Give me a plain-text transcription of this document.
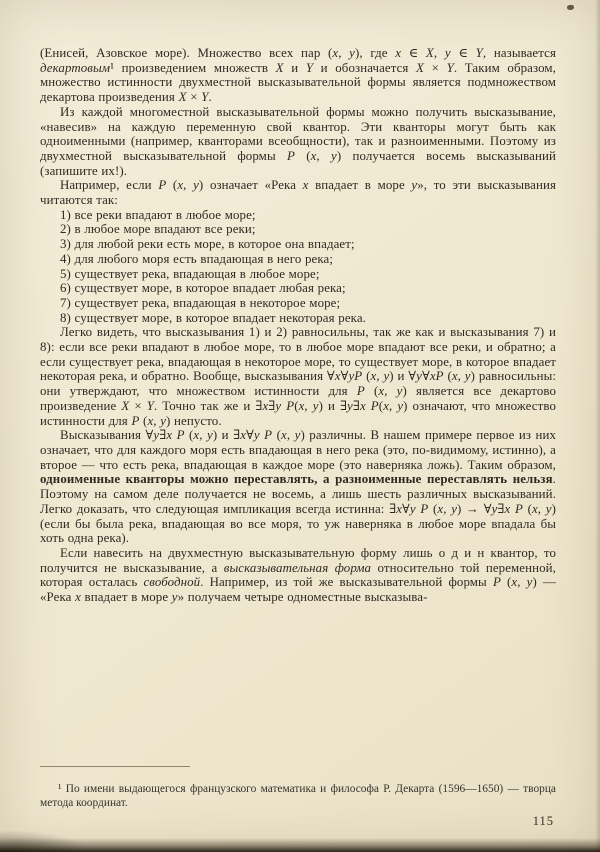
(Енисей, Азовское море). Множество всех пар (x, y), где x ∈ X, y ∈ Y, называется декартовым¹ произведением множеств X и Y и обозначается X × Y. Таким образом, множество истинности двухместной высказывательной формы является подмножеством декартова произведения X × Y.

Из каждой многоместной высказывательной формы можно получить высказывание, «навесив» на каждую переменную свой квантор. Эти кванторы могут быть как одноименными (например, кванторами всеобщности), так и разноименными. Поэтому из двухместной высказывательной формы P (x, y) получается восемь высказываний (запишите их!).

Например, если P (x, y) означает «Река x впадает в море y», то эти высказывания читаются так:

1) все реки впадают в любое море;

2) в любое море впадают все реки;

3) для любой реки есть море, в которое она впадает;

4) для любого моря есть впадающая в него река;

5) существует река, впадающая в любое море;

6) существует море, в которое впадает любая река;

7) существует река, впадающая в некоторое море;

8) существует море, в которое впадает некоторая река.

Легко видеть, что высказывания 1) и 2) равносильны, так же как и высказывания 7) и 8): если все реки впадают в любое море, то в любое море впадают все реки, и обратно; а если существует река, впадающая в некоторое море, то существует море, в которое впадает некоторая река, и обратно. Вообще, высказывания ∀x∀yP (x, y) и ∀y∀xP (x, y) равносильны: они утверждают, что множеством истинности для P (x, y) является все декартово произведение X × Y. Точно так же и ∃x∃y P(x, y) и ∃y∃x P(x, y) означают, что множество истинности для P (x, y) непусто.

Высказывания ∀y∃x P (x, y) и ∃x∀y P (x, y) различны. В нашем примере первое из них означает, что для каждого моря есть впадающая в него река (это, по-видимому, истинно), а второе — что есть река, впадающая в каждое море (это наверняка ложь). Таким образом, одноименные кванторы можно переставлять, а разноименные переставлять нельзя. Поэтому на самом деле получается не восемь, а лишь шесть различных высказываний. Легко доказать, что следующая импликация всегда истинна: ∃x∀y P (x, y) → ∀y∃x P (x, y) (если бы была река, впадающая во все моря, то уж наверняка в любое море впадала бы хоть одна река).

Если навесить на двухместную высказывательную форму лишь о д и н квантор, то получится не высказывание, а высказывательная форма относительно той переменной, которая осталась свободной. Например, из той же высказывательной формы P (x, y) — «Река x впадает в море y» получаем четыре одноместные высказыва-

¹ По имени выдающегося французского математика и философа Р. Декарта (1596—1650) — творца метода координат.

115
